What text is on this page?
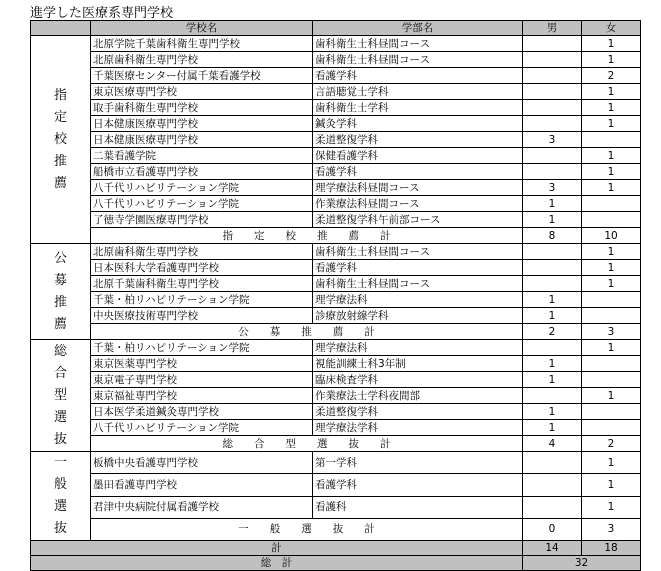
進学した医療系専門学校
	学校名	学部名	男	女
指
定
校
推
薦	北原学院千葉歯科衛生専門学校	歯科衛生士科昼間コース		1
	北原歯科衛生専門学校	歯科衛生士科昼間コース		1
	千葉医療センター付属千葉看護学校	看護学科		2
	東京医療専門学校	言語聴覚士学科		1
	取手歯科衛生専門学校	歯科衛生士学科		1
	日本健康医療専門学校	鍼灸学科		1
	日本健康医療専門学校	柔道整復学科	3	
	二葉看護学院	保健看護学科		1
	船橋市立看護専門学校	看護学科		1
	八千代リハビリテーション学院	理学療法科昼間コース	3	1
	八千代リハビリテーション学院	作業療法科昼間コース	1	
	了徳寺学園医療専門学校	柔道整復学科午前部コース	1	
	指　　定　　校　　推　　薦　　計		8	10
公
募
推
薦	北原歯科衛生専門学校	歯科衛生士科昼間コース		1
	日本医科大学看護専門学校	看護学科		1
	北原千葉歯科衛生専門学校	歯科衛生士科昼間コース		1
	千葉・柏リハビリテーション学院	理学療法科	1	
	中央医療技術専門学校	診療放射線学科	1	
	公　　募　　推　　薦　　計		2	3
総
合
型
選
抜	千葉・柏リハビリテーション学院	理学療法科		1
	東京医薬専門学校	視能訓練士科3年制	1	
	東京電子専門学校	臨床検査学科	1	
	東京福祉専門学校	作業療法士学科夜間部		1
	日本医学柔道鍼灸専門学校	柔道整復学科	1	
	八千代リハビリテーション学院	理学療法学科	1	
	総　　合　　型　　選　　抜　　計		4	2
一
般
選
抜	板橋中央看護専門学校	第一学科		1
	墨田看護専門学校	看護学科		1
	君津中央病院付属看護学校	看護科		1
	一　　般　　選　　抜　　計		0	3
計			14	18
総　計			32	
